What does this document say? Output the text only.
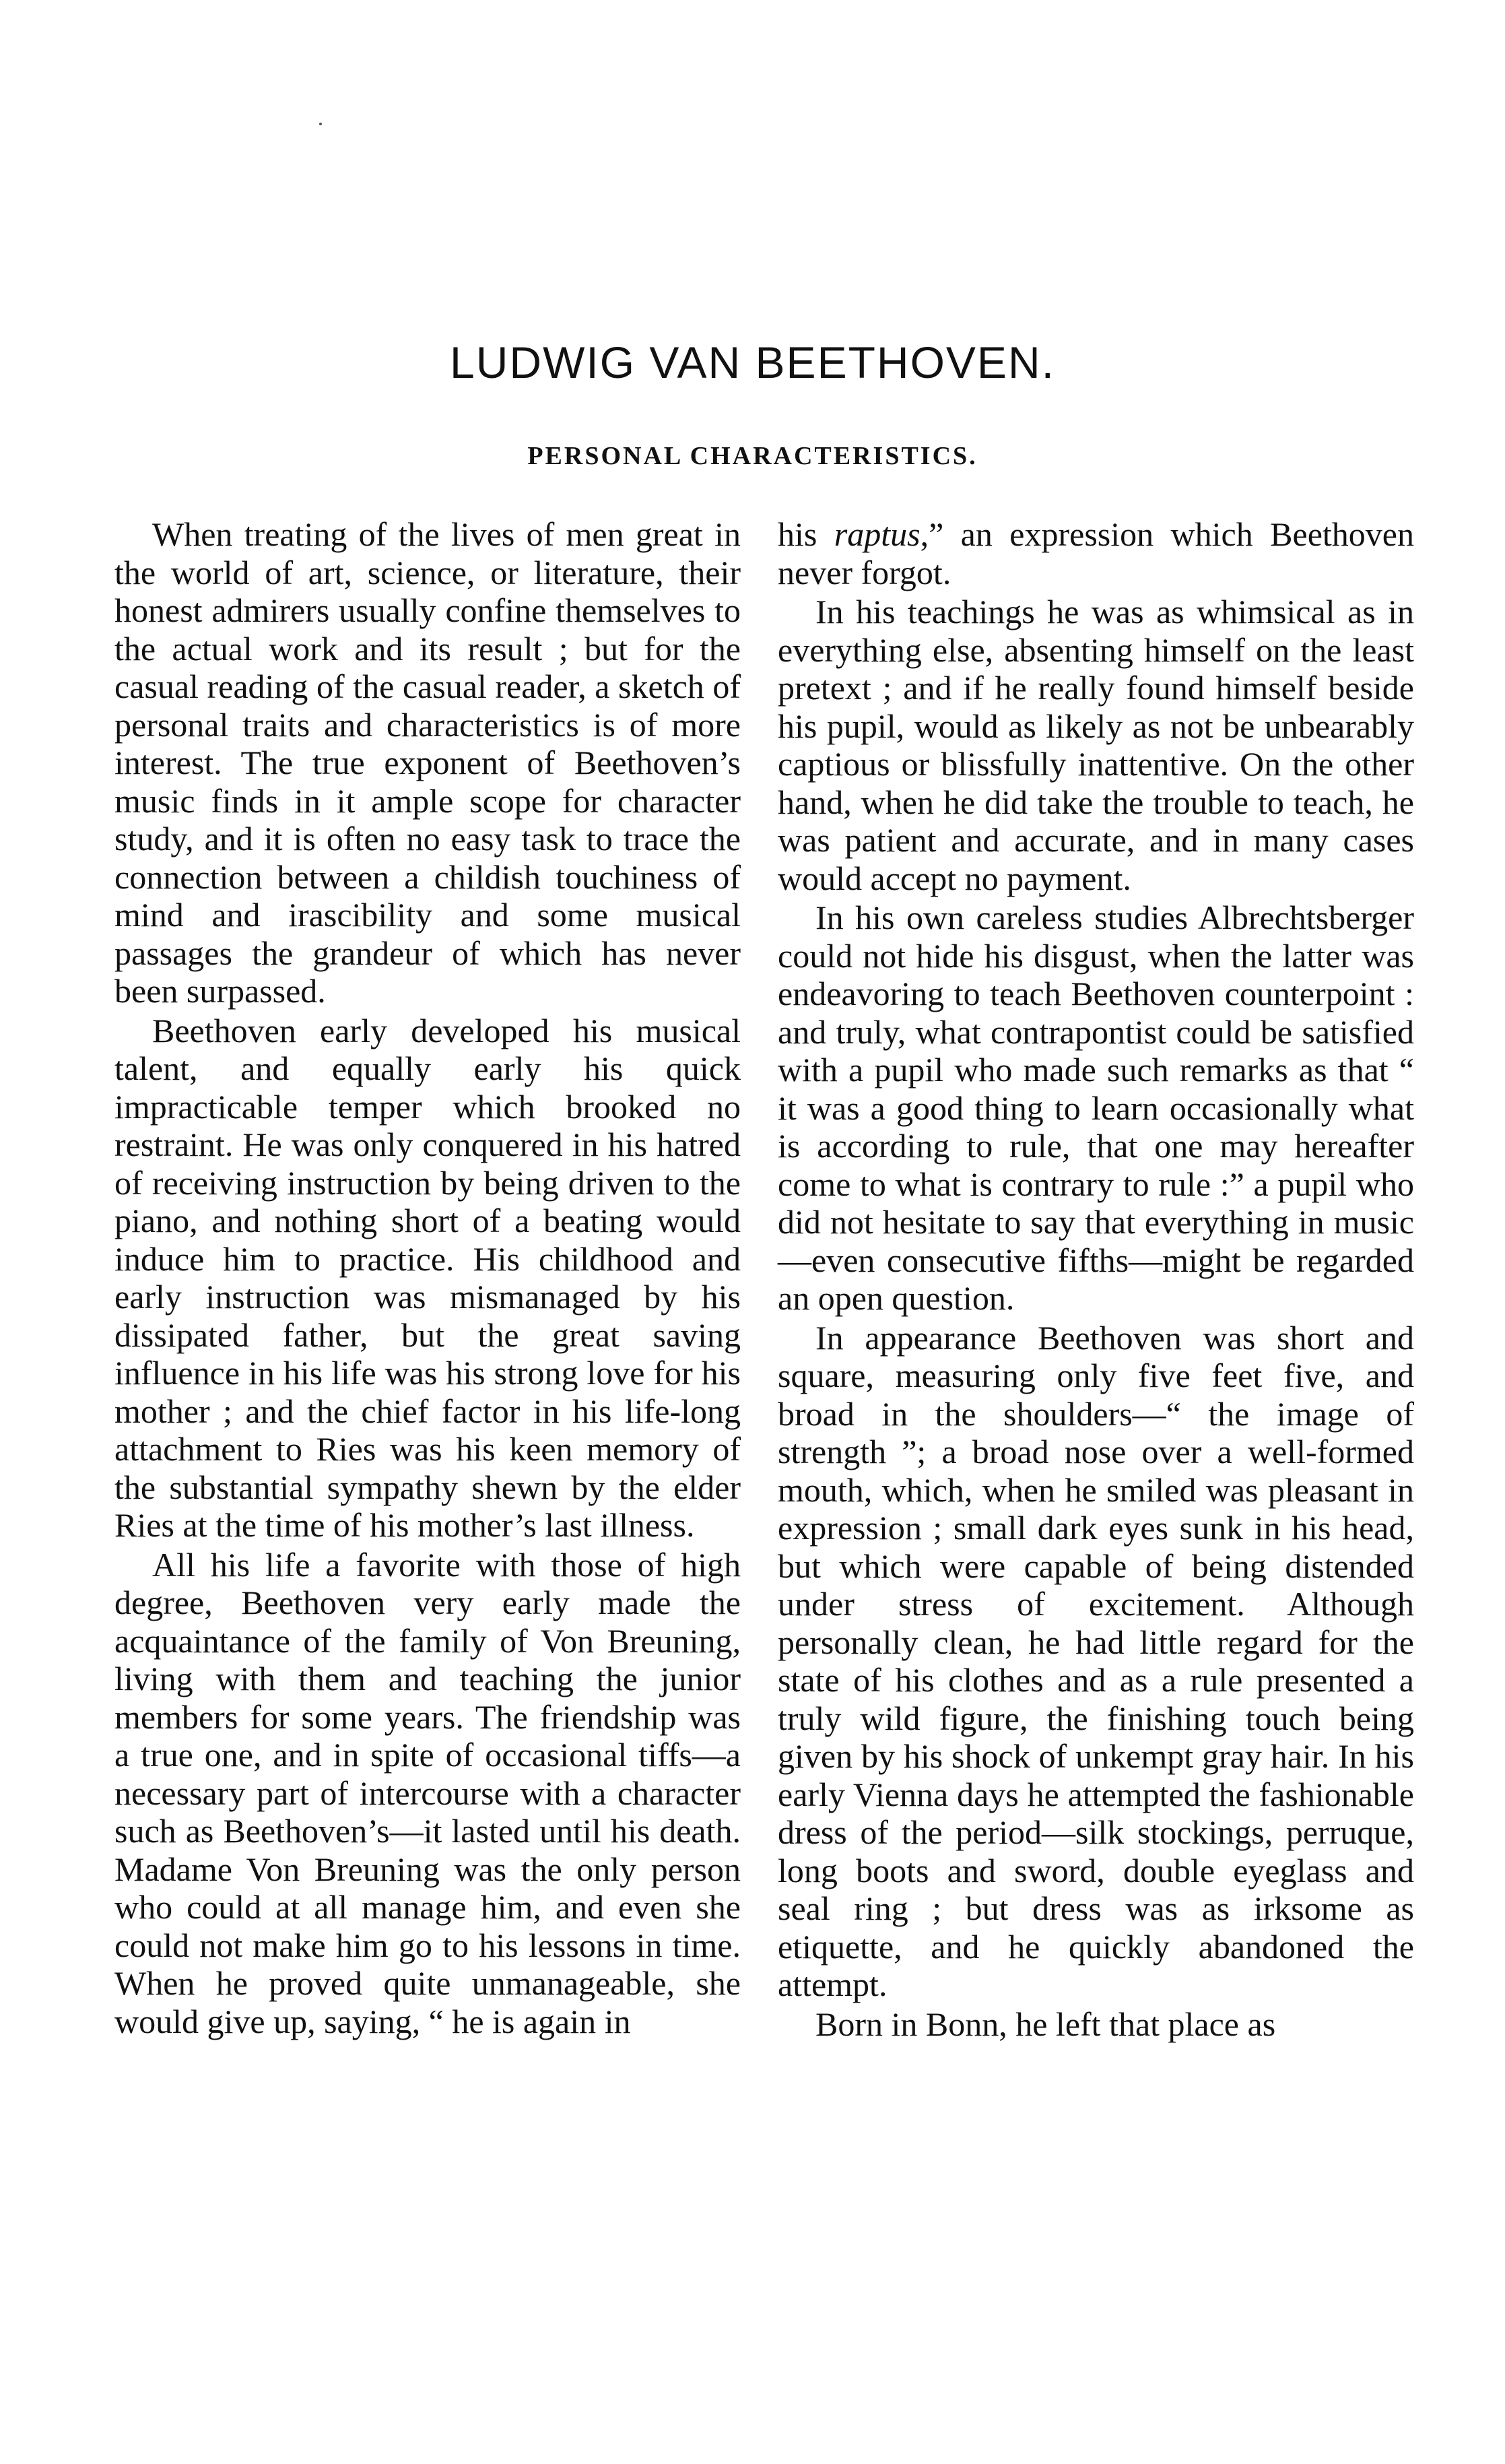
LUDWIG VAN BEETHOVEN.
PERSONAL CHARACTERISTICS.

When treating of the lives of men great in the world of art, science, or literature, their honest admirers usually confine themselves to the actual work and its result ; but for the casual reading of the casual reader, a sketch of personal traits and characteristics is of more interest. The true exponent of Beethoven’s music finds in it ample scope for character study, and it is often no easy task to trace the connection between a childish touchiness of mind and irascibility and some musical passages the grandeur of which has never been surpassed.

Beethoven early developed his musical talent, and equally early his quick impracticable temper which brooked no restraint. He was only conquered in his hatred of receiving instruction by being driven to the piano, and nothing short of a beating would induce him to practice. His childhood and early instruction was mismanaged by his dissipated father, but the great saving influence in his life was his strong love for his mother ; and the chief factor in his life-long attachment to Ries was his keen memory of the substantial sympathy shewn by the elder Ries at the time of his mother’s last illness.

All his life a favorite with those of high degree, Beethoven very early made the acquaintance of the family of Von Breuning, living with them and teaching the junior members for some years. The friendship was a true one, and in spite of occasional tiffs—a necessary part of intercourse with a character such as Beethoven’s—it lasted until his death. Madame Von Breuning was the only person who could at all manage him, and even she could not make him go to his lessons in time. When he proved quite unmanageable, she would give up, saying, “ he is again in

his raptus,” an expression which Beethoven never forgot.

In his teachings he was as whimsical as in everything else, absenting himself on the least pretext ; and if he really found himself beside his pupil, would as likely as not be unbearably captious or blissfully inattentive. On the other hand, when he did take the trouble to teach, he was patient and accurate, and in many cases would accept no payment.

In his own careless studies Albrechtsberger could not hide his disgust, when the latter was endeavoring to teach Beethoven counterpoint : and truly, what contrapontist could be satisfied with a pupil who made such remarks as that “ it was a good thing to learn occasionally what is according to rule, that one may hereafter come to what is contrary to rule :” a pupil who did not hesitate to say that everything in music—even consecutive fifths—might be regarded an open question.

In appearance Beethoven was short and square, measuring only five feet five, and broad in the shoulders—“ the image of strength ”; a broad nose over a well-formed mouth, which, when he smiled was pleasant in expression ; small dark eyes sunk in his head, but which were capable of being distended under stress of excitement. Although personally clean, he had little regard for the state of his clothes and as a rule presented a truly wild figure, the finishing touch being given by his shock of unkempt gray hair. In his early Vienna days he attempted the fashionable dress of the period—silk stockings, perruque, long boots and sword, double eyeglass and seal ring ; but dress was as irksome as etiquette, and he quickly abandoned the attempt.

Born in Bonn, he left that place as
